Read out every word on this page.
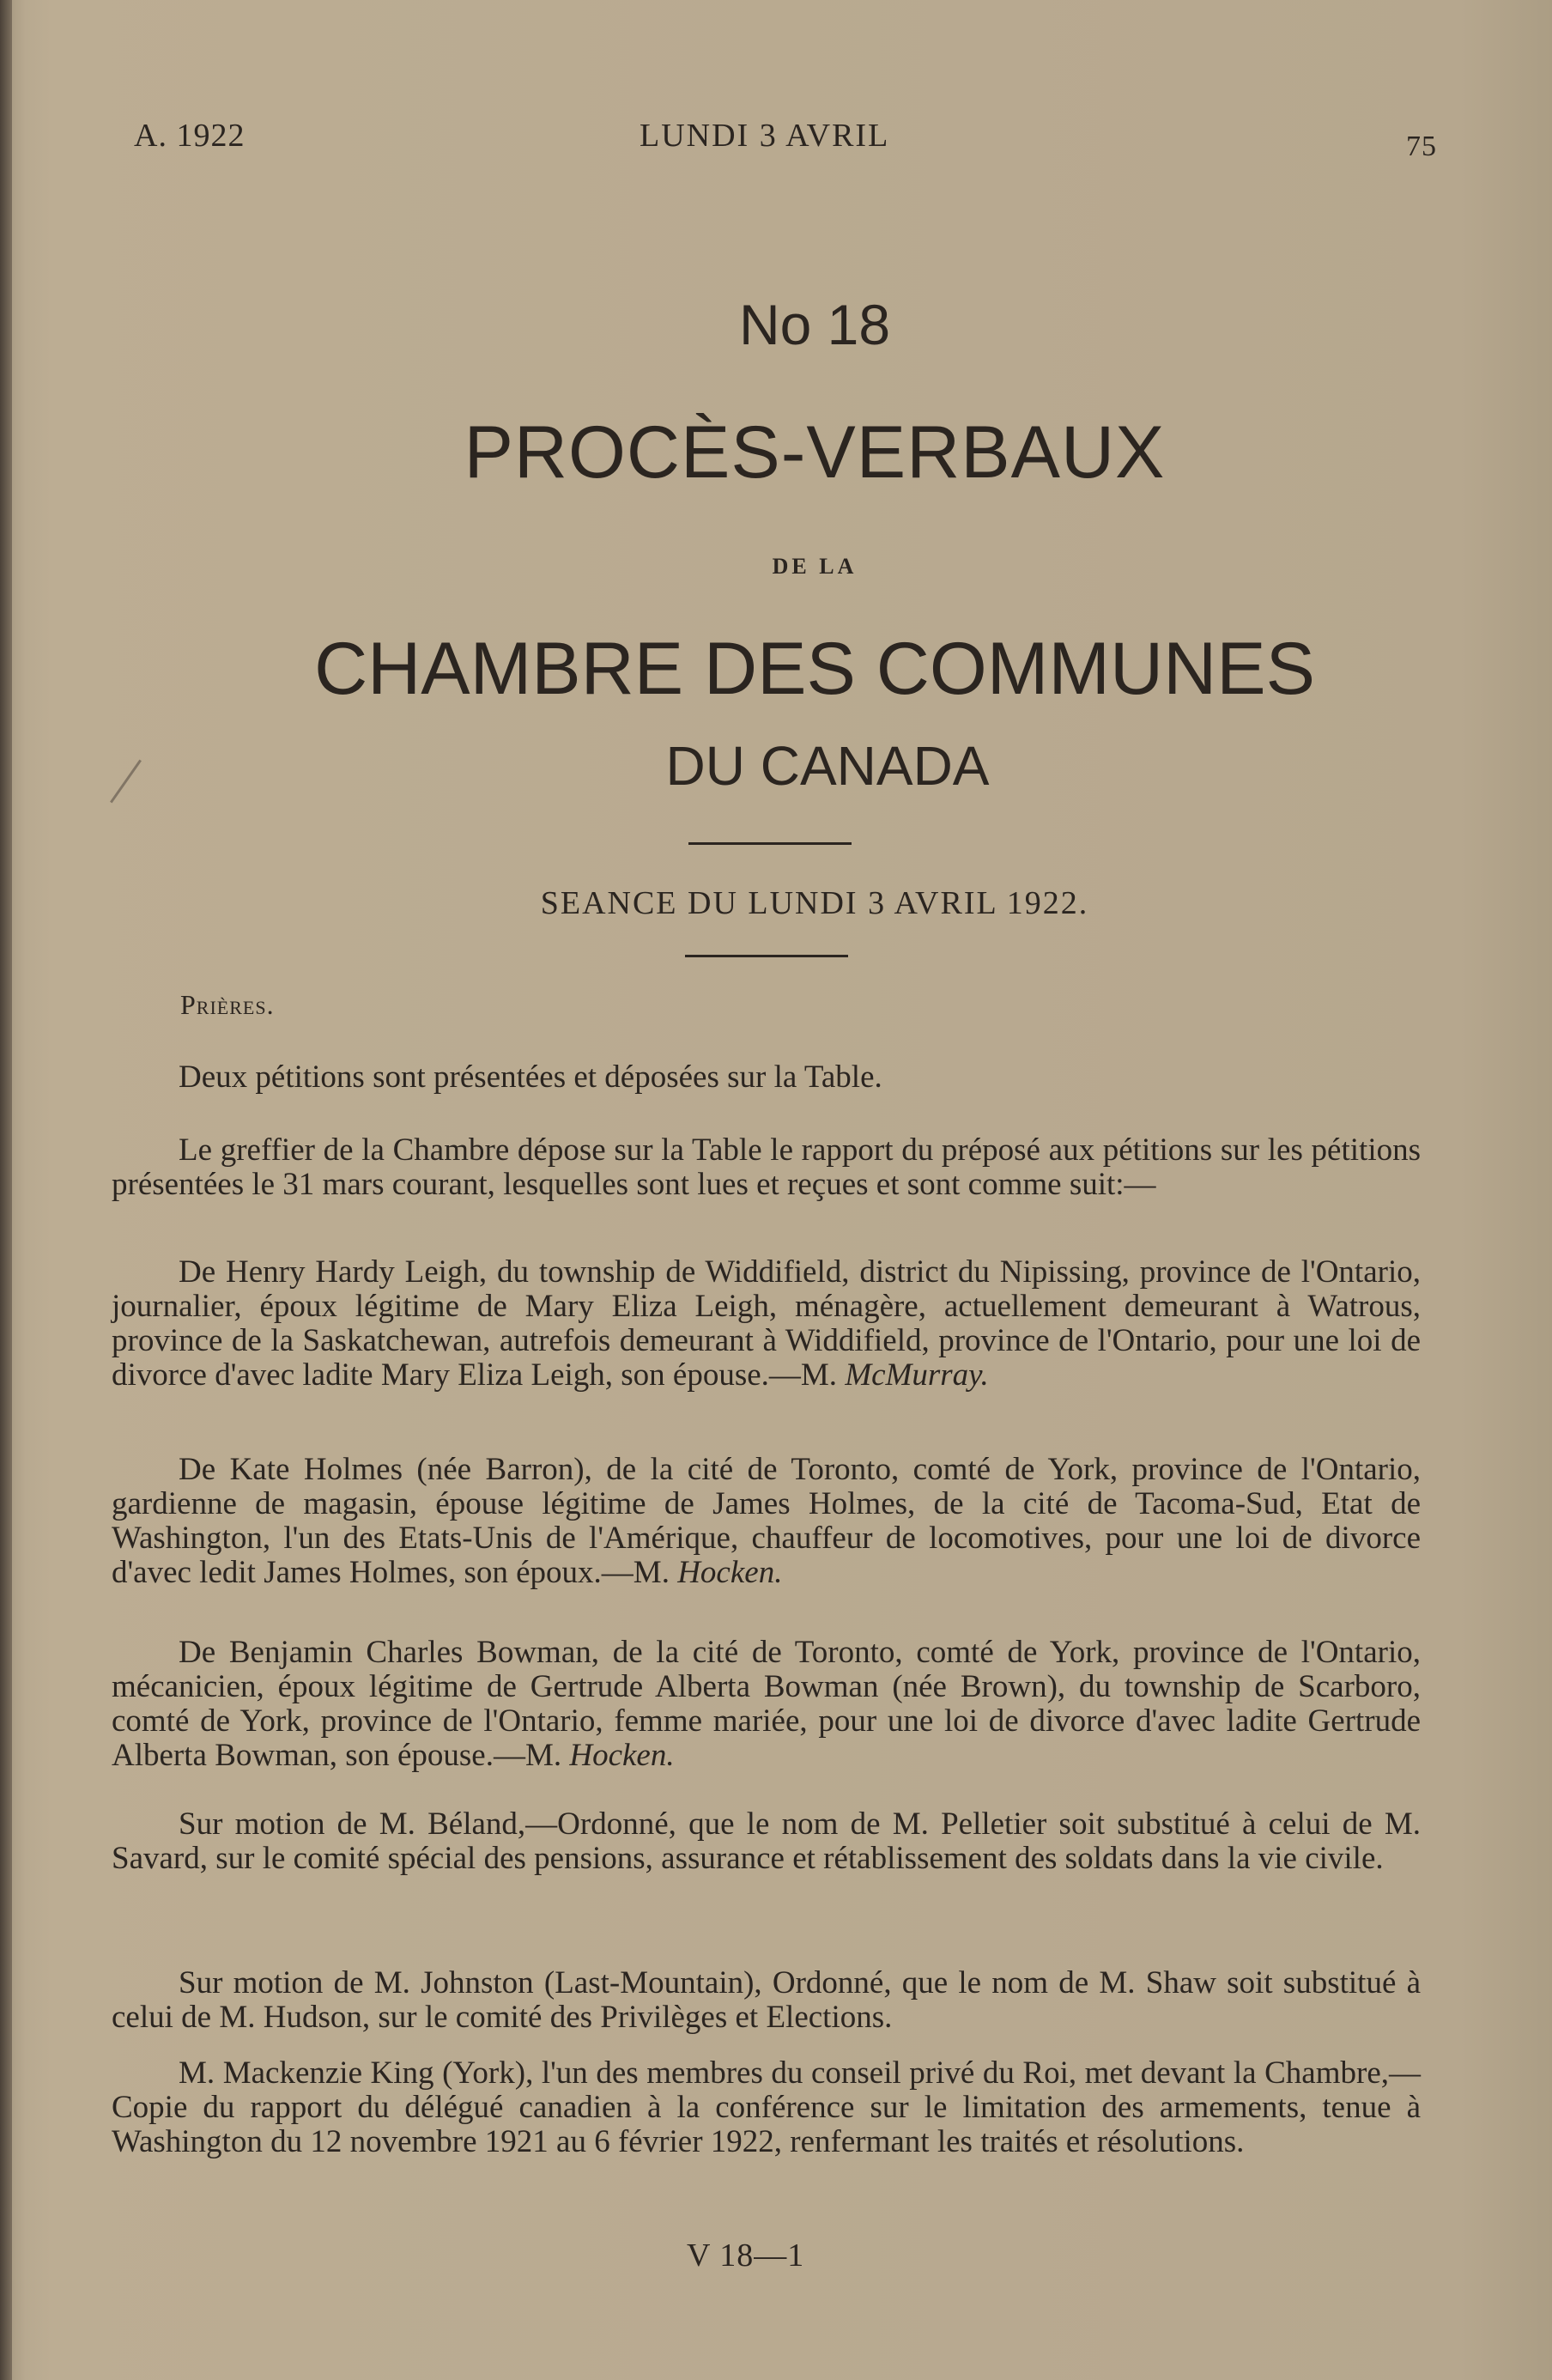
A. 1922	LUNDI 3 AVRIL	75
No 18
PROCÈS-VERBAUX
DE LA
CHAMBRE DES COMMUNES
DU CANADA
SEANCE DU LUNDI 3 AVRIL 1922.
Prières.

Deux pétitions sont présentées et déposées sur la Table.

Le greffier de la Chambre dépose sur la Table le rapport du préposé aux pétitions sur les pétitions présentées le 31 mars courant, lesquelles sont lues et reçues et sont comme suit:—

De Henry Hardy Leigh, du township de Widdifield, district du Nipissing, province de l'Ontario, journalier, époux légitime de Mary Eliza Leigh, ménagère, actuellement demeurant à Watrous, province de la Saskatchewan, autrefois demeurant à Widdifield, province de l'Ontario, pour une loi de divorce d'avec ladite Mary Eliza Leigh, son épouse.—M. McMurray.

De Kate Holmes (née Barron), de la cité de Toronto, comté de York, province de l'Ontario, gardienne de magasin, épouse légitime de James Holmes, de la cité de Tacoma-Sud, Etat de Washington, l'un des Etats-Unis de l'Amérique, chauffeur de locomotives, pour une loi de divorce d'avec ledit James Holmes, son époux.—M. Hocken.

De Benjamin Charles Bowman, de la cité de Toronto, comté de York, province de l'Ontario, mécanicien, époux légitime de Gertrude Alberta Bowman (née Brown), du township de Scarboro, comté de York, province de l'Ontario, femme mariée, pour une loi de divorce d'avec ladite Gertrude Alberta Bowman, son épouse.—M. Hocken.

Sur motion de M. Béland,—Ordonné, que le nom de M. Pelletier soit substitué à celui de M. Savard, sur le comité spécial des pensions, assurance et rétablissement des soldats dans la vie civile.

Sur motion de M. Johnston (Last-Mountain), Ordonné, que le nom de M. Shaw soit substitué à celui de M. Hudson, sur le comité des Privilèges et Elections.

M. Mackenzie King (York), l'un des membres du conseil privé du Roi, met devant la Chambre,—Copie du rapport du délégué canadien à la conférence sur le limitation des armements, tenue à Washington du 12 novembre 1921 au 6 février 1922, renfermant les traités et résolutions.

V 18—1
